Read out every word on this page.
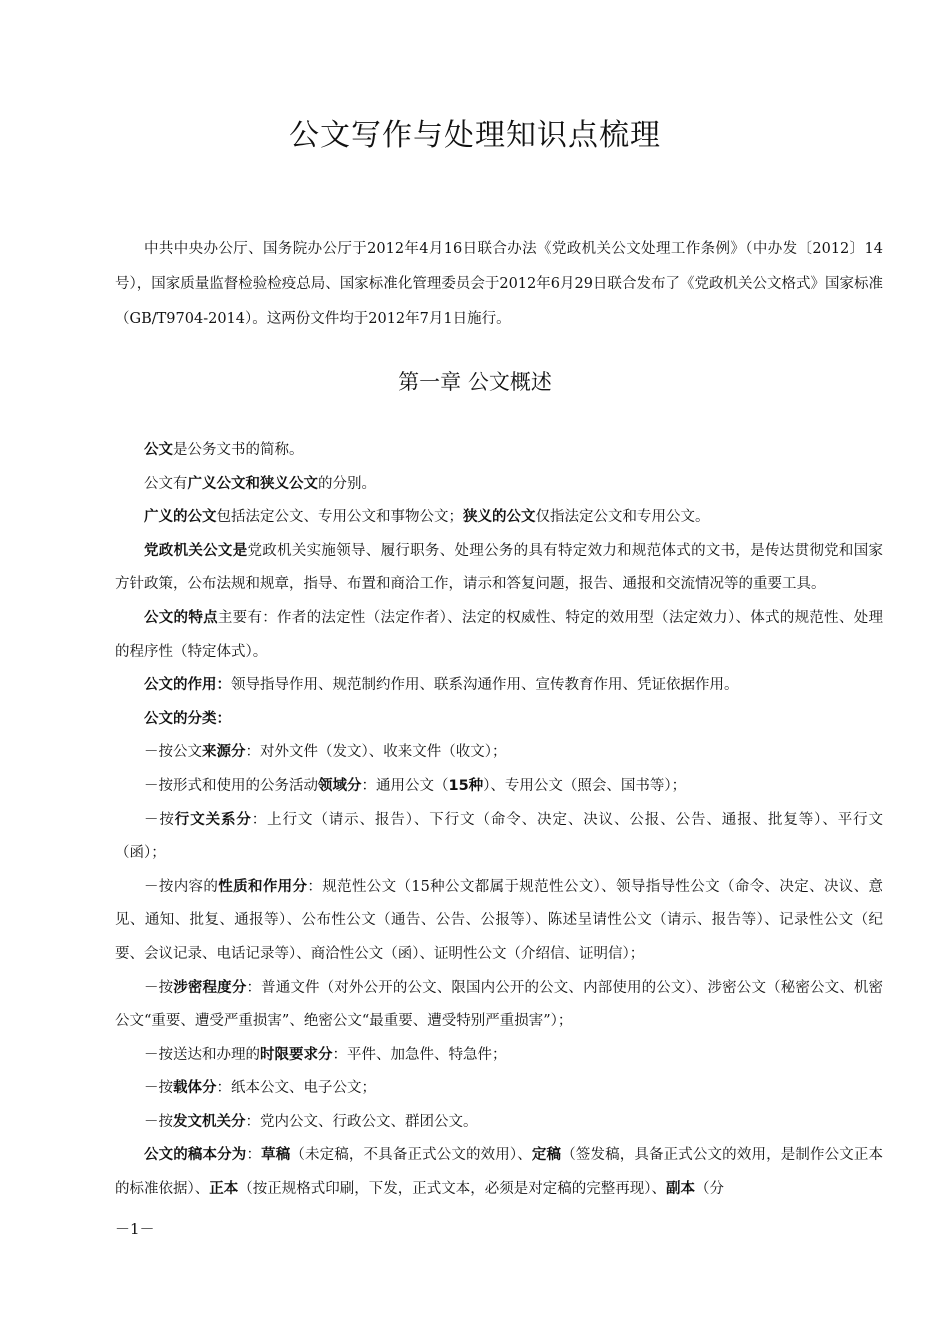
公文写作与处理知识点梳理

中共中央办公厅、国务院办公厅于2012年4月16日联合办法《党政机关公文处理工作条例》（中办发〔2012〕14号），国家质量监督检验检疫总局、国家标准化管理委员会于2012年6月29日联合发布了《党政机关公文格式》国家标准（GB/T9704-2014）。这两份文件均于2012年7月1日施行。

第一章 公文概述

公文是公务文书的简称。

公文有广义公文和狭义公文的分别。

广义的公文包括法定公文、专用公文和事物公文；狭义的公文仅指法定公文和专用公文。

党政机关公文是党政机关实施领导、履行职务、处理公务的具有特定效力和规范体式的文书，是传达贯彻党和国家方针政策，公布法规和规章，指导、布置和商洽工作，请示和答复问题，报告、通报和交流情况等的重要工具。

公文的特点主要有：作者的法定性（法定作者）、法定的权威性、特定的效用型（法定效力）、体式的规范性、处理的程序性（特定体式）。

公文的作用：领导指导作用、规范制约作用、联系沟通作用、宣传教育作用、凭证依据作用。

公文的分类：

－按公文来源分：对外文件（发文）、收来文件（收文）；

－按形式和使用的公务活动领域分：通用公文（15种）、专用公文（照会、国书等）；

－按行文关系分：上行文（请示、报告）、下行文（命令、决定、决议、公报、公告、通报、批复等）、平行文（函）；

－按内容的性质和作用分：规范性公文（15种公文都属于规范性公文）、领导指导性公文（命令、决定、决议、意见、通知、批复、通报等）、公布性公文（通告、公告、公报等）、陈述呈请性公文（请示、报告等）、记录性公文（纪要、会议记录、电话记录等）、商洽性公文（函）、证明性公文（介绍信、证明信）；

－按涉密程度分：普通文件（对外公开的公文、限国内公开的公文、内部使用的公文）、涉密公文（秘密公文、机密公文“重要、遭受严重损害”、绝密公文“最重要、遭受特别严重损害”）；

－按送达和办理的时限要求分：平件、加急件、特急件；

－按载体分：纸本公文、电子公文；

－按发文机关分：党内公文、行政公文、群团公文。

公文的稿本分为：草稿（未定稿，不具备正式公文的效用）、定稿（签发稿，具备正式公文的效用，是制作公文正本的标准依据）、正本（按正规格式印刷，下发，正式文本，必须是对定稿的完整再现）、副本（分

－1－
